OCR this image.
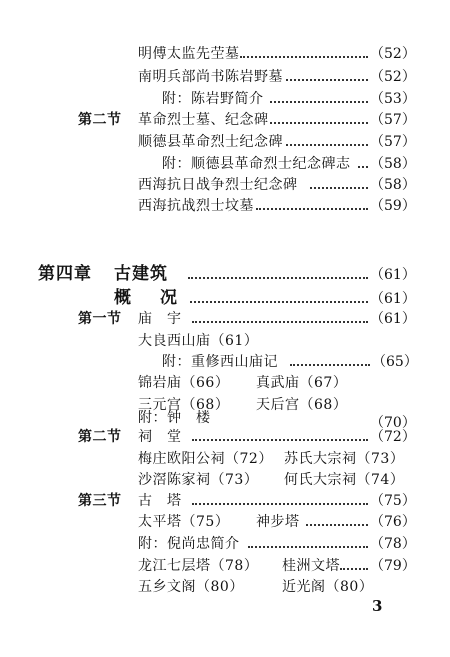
明傅太监先茔墓	（52）
南明兵部尚书陈岩野墓	（52）
附：陈岩野简介	（53）
第二节 革命烈士墓、纪念碑	（57）
顺德县革命烈士纪念碑	（57）
附：顺德县革命烈士纪念碑志 （58）
西海抗日战争烈士纪念碑	（58）
西海抗战烈士坟墓	（59）
第四章 古建筑	（61）
概　况	（61）
第一节 庙　宇	（61）
大良西山庙（61）
附：重修西山庙记	（65）
锦岩庙（66） 真武庙（67）
三元宫（68） 天后宫（68）
附：钟　楼	（70）
第二节 祠　堂	（72）
梅庄欧阳公祠（72） 苏氏大宗祠（73）
沙滘陈家祠（73） 何氏大宗祠（74）
第三节 古　塔	（75）
太平塔（75） 神步塔	（76）
附：倪尚忠简介	（78）
龙江七层塔（78） 桂洲文塔 （79）
五乡文阁（80）	近光阁（80）
3
